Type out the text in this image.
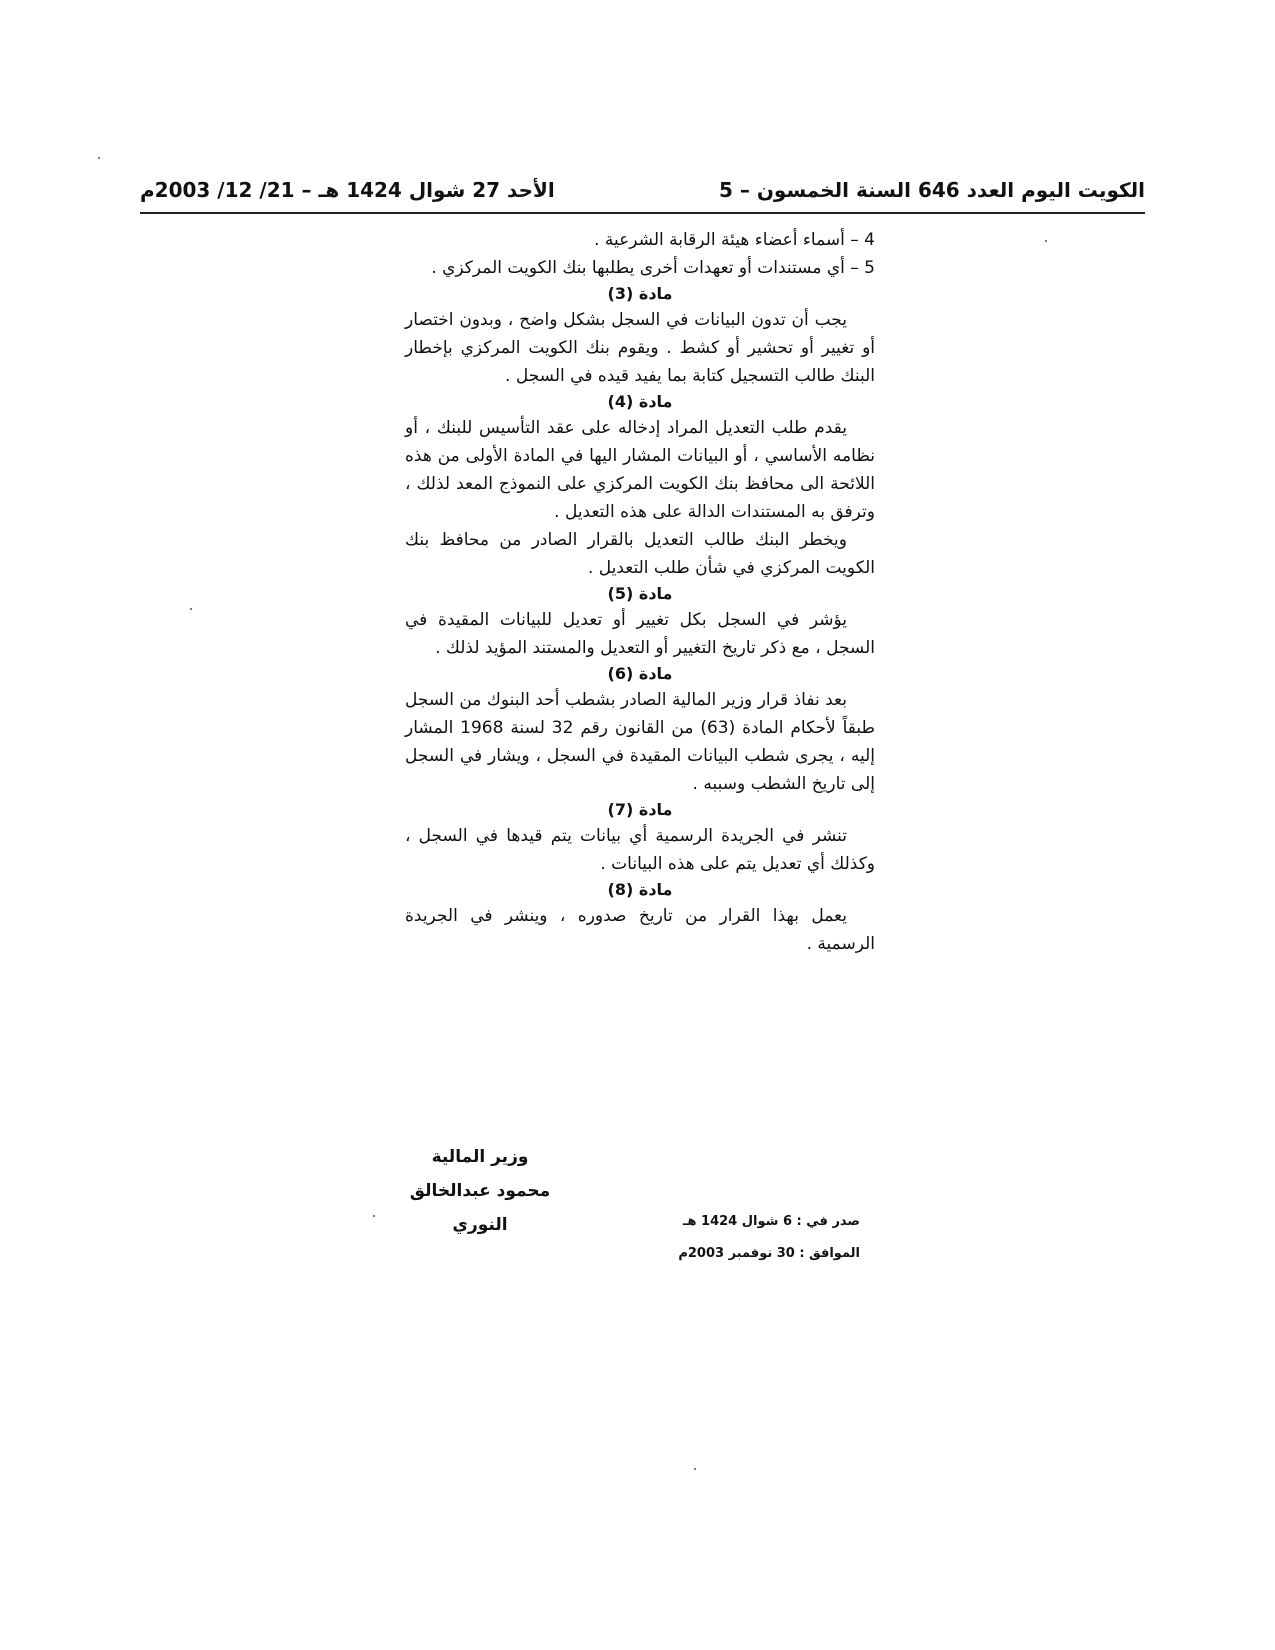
الكويت اليوم العدد 646 السنة الخمسون – 5
الأحد 27 شوال 1424 هـ – 21/ 12/ 2003م

4 – أسماء أعضاء هيئة الرقابة الشرعية .

5 – أي مستندات أو تعهدات أخرى يطلبها بنك الكويت المركزي .

مادة (3)

يجب أن تدون البيانات في السجل بشكل واضح ، وبدون اختصار أو تغيير أو تحشير أو كشط . ويقوم بنك الكويت المركزي بإخطار البنك طالب التسجيل كتابة بما يفيد قيده في السجل .

مادة (4)

يقدم طلب التعديل المراد إدخاله على عقد التأسيس للبنك ، أو نظامه الأساسي ، أو البيانات المشار اليها في المادة الأولى من هذه اللائحة الى محافظ بنك الكويت المركزي على النموذج المعد لذلك ، وترفق به المستندات الدالة على هذه التعديل .

ويخطر البنك طالب التعديل بالقرار الصادر من محافظ بنك الكويت المركزي في شأن طلب التعديل .

مادة (5)

يؤشر في السجل بكل تغيير أو تعديل للبيانات المقيدة في السجل ، مع ذكر تاريخ التغيير أو التعديل والمستند المؤيد لذلك .

مادة (6)

بعد نفاذ قرار وزير المالية الصادر بشطب أحد البنوك من السجل طبقاً لأحكام المادة (63) من القانون رقم 32 لسنة 1968 المشار إليه ، يجرى شطب البيانات المقيدة في السجل ، ويشار في السجل إلى تاريخ الشطب وسببه .

مادة (7)

تنشر في الجريدة الرسمية أي بيانات يتم قيدها في السجل ، وكذلك أي تعديل يتم على هذه البيانات .

مادة (8)

يعمل بهذا القرار من تاريخ صدوره ، وينشر في الجريدة الرسمية .

وزير المالية
محمود عبدالخالق النوري	صدر في : 6 شوال 1424 هـ
الموافق : 30 نوفمبر 2003م
